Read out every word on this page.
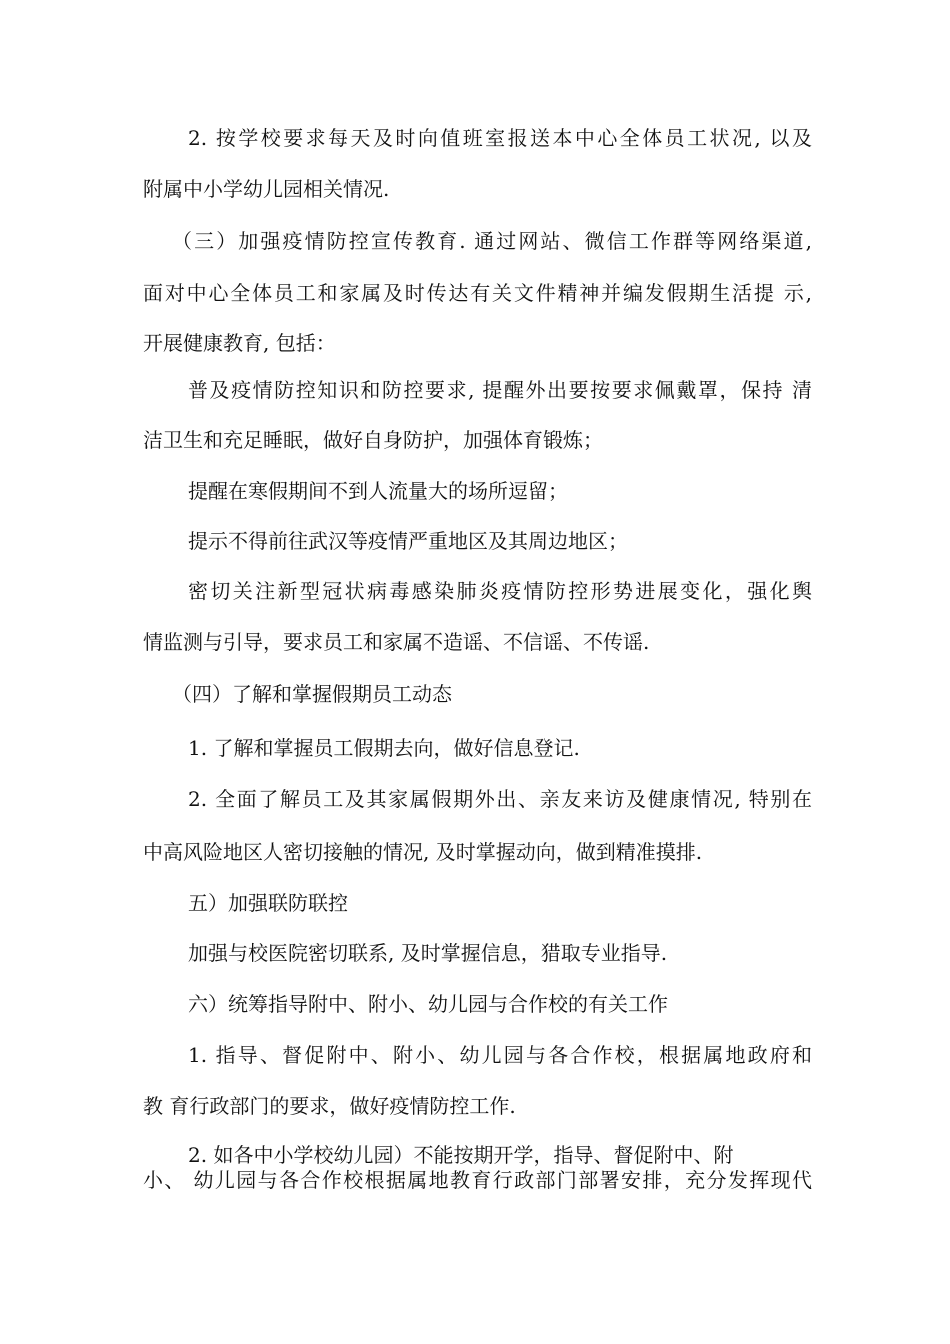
2. 按学校要求每天及时向值班室报送本中心全体员工状况, 以及
附属中小学幼儿园相关情况.
（三）加强疫情防控宣传教育. 通过网站、微信工作群等网络渠道,
面对中心全体员工和家属及时传达有关文件精神并编发假期生活提 示,
开展健康教育, 包括：
普及疫情防控知识和防控要求, 提醒外出要按要求佩戴罩，保持 清
洁卫生和充足睡眠，做好自身防护，加强体育锻炼；
提醒在寒假期间不到人流量大的场所逗留；
提示不得前往武汉等疫情严重地区及其周边地区；
密切关注新型冠状病毒感染肺炎疫情防控形势进展变化，强化舆
情监测与引导，要求员工和家属不造谣、不信谣、不传谣.
（四）了解和掌握假期员工动态
1. 了解和掌握员工假期去向，做好信息登记.
2. 全面了解员工及其家属假期外出、亲友来访及健康情况, 特别在
中高风险地区人密切接触的情况, 及时掌握动向，做到精准摸排.
五）加强联防联控
加强与校医院密切联系, 及时掌握信息，猎取专业指导.
六）统筹指导附中、附小、幼儿园与合作校的有关工作
1. 指导、督促附中、附小、幼儿园与各合作校，根据属地政府和
教 育行政部门的要求，做好疫情防控工作.
2. 如各中小学校幼儿园）不能按期开学，指导、督促附中、附
小、 幼儿园与各合作校根据属地教育行政部门部署安排，充分发挥现代
